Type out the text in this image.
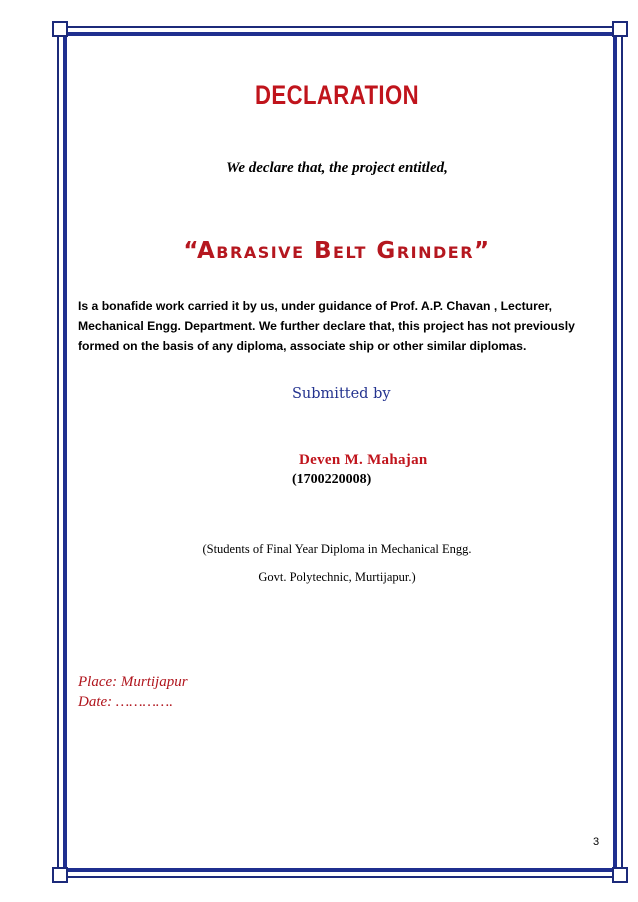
DECLARATION
We declare that, the project entitled,
“Abrasive Belt Grinder”
Is a bonafide work carried it by us, under guidance of Prof. A.P. Chavan , Lecturer,
Mechanical Engg. Department. We further declare that, this project has not previously
formed on the basis of any diploma, associate ship or other similar diplomas.
Submitted by
Deven M. Mahajan
(1700220008)
(Students of Final Year Diploma in Mechanical Engg.
Govt. Polytechnic, Murtijapur.)
Place: Murtijapur
Date: ………….
3
